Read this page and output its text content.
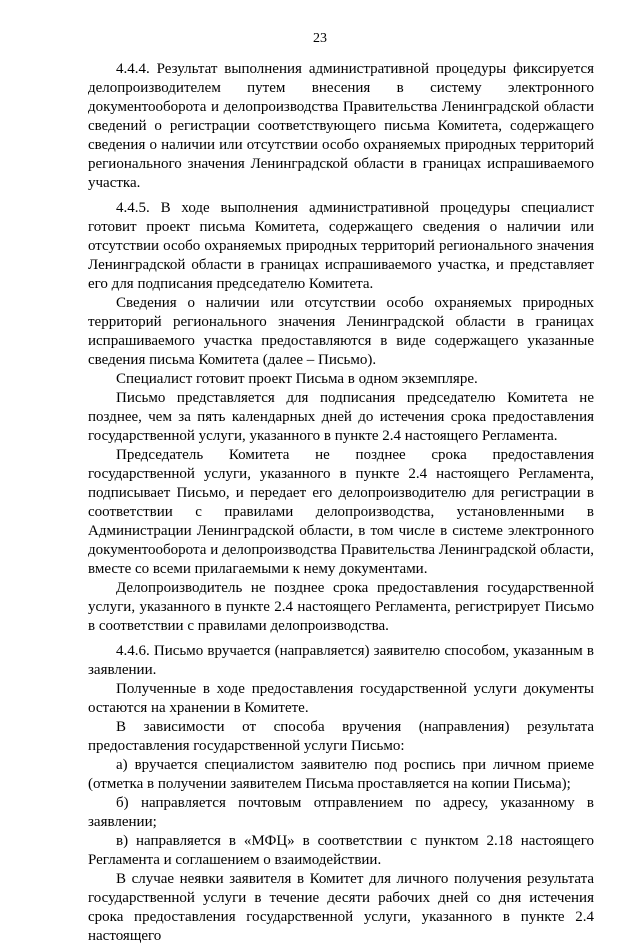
23

4.4.4. Результат выполнения административной процедуры фиксируется делопроизводителем путем внесения в систему электронного документооборота и делопроизводства Правительства Ленинградской области сведений о регистрации соответствующего письма Комитета, содержащего сведения о наличии или отсутствии особо охраняемых природных территорий регионального значения Ленинградской области в границах испрашиваемого участка.

4.4.5. В ходе выполнения административной процедуры специалист готовит проект письма Комитета, содержащего сведения о наличии или отсутствии особо охраняемых природных территорий регионального значения Ленинградской области в границах испрашиваемого участка, и представляет его для подписания председателю Комитета.

Сведения о наличии или отсутствии особо охраняемых природных территорий регионального значения Ленинградской области в границах испрашиваемого участка предоставляются в виде содержащего указанные сведения письма Комитета (далее – Письмо).

Специалист готовит проект Письма в одном экземпляре.

Письмо представляется для подписания председателю Комитета не позднее, чем за пять календарных дней до истечения срока предоставления государственной услуги, указанного в пункте 2.4 настоящего Регламента.

Председатель Комитета не позднее срока предоставления государственной услуги, указанного в пункте 2.4 настоящего Регламента, подписывает Письмо, и передает его делопроизводителю для регистрации в соответствии с правилами делопроизводства, установленными в Администрации Ленинградской области, в том числе в системе электронного документооборота и делопроизводства Правительства Ленинградской области, вместе со всеми прилагаемыми к нему документами.

Делопроизводитель не позднее срока предоставления государственной услуги, указанного в пункте 2.4 настоящего Регламента, регистрирует Письмо в соответствии с правилами делопроизводства.

4.4.6. Письмо вручается (направляется) заявителю способом, указанным в заявлении.

Полученные в ходе предоставления государственной услуги документы остаются на хранении в Комитете.

В зависимости от способа вручения (направления) результата предоставления государственной услуги Письмо:

а) вручается специалистом заявителю под роспись при личном приеме (отметка в получении заявителем Письма проставляется на копии Письма);

б) направляется почтовым отправлением по адресу, указанному в заявлении;

в) направляется в «МФЦ» в соответствии с пунктом 2.18 настоящего Регламента и соглашением о взаимодействии.

В случае неявки заявителя в Комитет для личного получения результата государственной услуги в течение десяти рабочих дней со дня истечения срока предоставления государственной услуги, указанного в пункте 2.4 настоящего
